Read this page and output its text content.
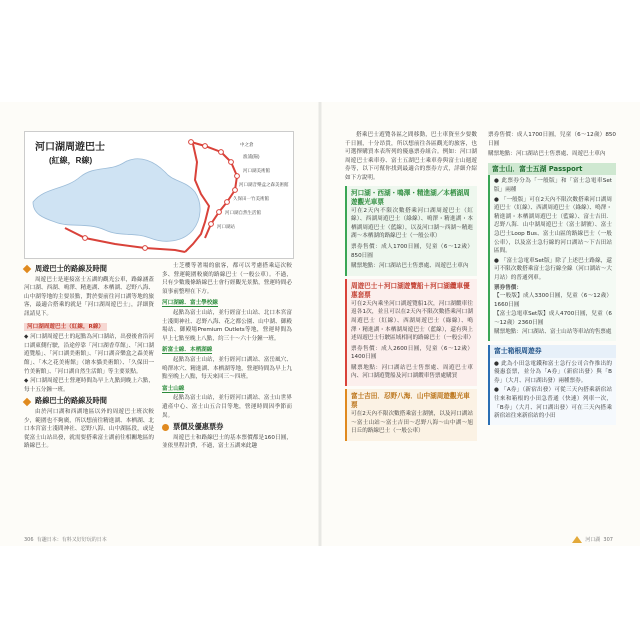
河口湖周遊巴士
(紅線，R線)
中之倉
漁浦(陽)
河口湖美術館
河口湖音樂盒之森美術館
久保田一竹美術館
河口湖自然生活館
河口湖站
周遊巴士的路線及時間

周遊巴士是連接富士五湖的觀光公車，路線涵蓋河口湖、西湖、鳴澤、精進湖、本栖湖、忍野八海、山中湖等地的主要景點，對於要前往河口湖等地的旅客，最適合搭乘的就是「河口湖周遊巴士」，詳細資訊請見下。

河口湖周遊巴士（紅線，R線）
◆ 河口湖周遊巴士的起點為河口湖站，出發後會沿河口湖東側行駛，沿途停靠「河口湖香草館」、「河口湖遊覽船」、「河口湖美術館」、「河口湖音樂盒之森美術館」、「木之花美術館」（繪本貓美術館）、「久保田一竹美術館」、「河口湖自然生活館」等主要景點。
◆ 河口湖周遊巴士營運時間為早上九點到晚上六點，每十五分鐘一班。
路線巴士的路線及時間

由於河口湖和西湖地區以外的周遊巴士班次較少，範圍也不夠廣，所以想前往精進湖、本栖湖、北口本宮富士淺間神社、忍野八海、山中湖區段，或是從富士山站出發，就需要搭乘富士湖前往相關地區的路線巴士。

士芝櫻等著場的旅客，都可以考慮搭乘這次較多、營運範圍較廣的路線巴士（一般公車）。不過，只有少數幾條路線巴士會行經觀光景點，營運時間必須事前整理在下方。

河口湖線．富士學校線

起點為富士山站，並行經富士山站、北口本宮富士淺間神社、忍野八海、花之都公園、山中湖、御殿場站、御殿場Premium Outlets等地，營運時間為早上七點至晚上八點，約三十～六十分鐘一班。

新富士線．本栖湖線

起點為富士山站，並行經河口湖站、富岳風穴、鳴澤冰穴、精進湖、本栖湖等地，營運時間為早上九點至晚上八點，每天來回三～四班。

富士山線

起點為富士山站，並行經河口湖站、富士山世界遺產中心、富士山五合目等地，營運時間因季節而異。

票價及優惠票券

周遊巴士和路線巴士的基本票價都是160日圓，並依里程計費，不過，富士五湖來此趣

搭乘巴士遊覽各區之間移動，巴士車資至少要數千日圓，十分昂貴，所以想前往各區觀光的旅客，也可選擇購買本表所列的優惠票券組合。例如：河口湖周遊巴士乘車券、富士五湖巴士乘車券與富士山週遊券等，以下可幫你找到最適合的票券方式，詳細介紹如下方說明。

河口湖・西湖・鳴澤・精進湖／本栖湖周遊觀光車票
可在2天內不限次數搭乘河口湖周遊巴士（紅線）、西湖周遊巴士（綠線）、鳴澤・精進湖・本栖湖周遊巴士（藍線），以及河口湖～西湖～精進湖～本栖湖的路線巴士（一般公車）
票券售價：成人1700日圓，兒童（6～12歲）850日圓
購票地點：河口湖站巴士售票處、周遊巴士車內
周遊巴士＋河口湖遊覽船＋河口湖纜車優惠套票
可在2天內乘坐河口湖遊覽船1次，河口湖纜車往返各1次，並且可以在2天內不限次數搭乘河口湖周遊巴士（紅線）、西湖周遊巴士（綠線）、鳴澤・精進湖・本栖湖周遊巴士（藍線），還有與上述周遊巴士行駛區域相同的路線巴士（一般公車）
票券售價：成人2600日圓，兒童（6～12歲）1400日圓
購票地點：河口湖站巴士售票處、周遊巴士車內、河口湖遊覽船及河口湖纜車售票處購買
富士吉田．忍野八海．山中湖周遊觀光車票
可在2天內不限次數搭乘富士湖號，以及河口湖站～富士山站～富士吉田～忍野八海～山中湖～旭日丘的路線巴士（一般公車）
票券售價：成人1700日圓，兒童（6～12歲）850日圓
購票地點：河口湖站巴士售票處、周遊巴士車內
富士山．富士五湖 Passport
● 此票券分為「一般版」和「富士急電車Set版」兩種
● 「一般版」可在2天內不限次數搭乘河口湖周遊巴士（紅線）、西湖周遊巴士（綠線）、鳴澤・精進湖・本栖湖周遊巴士（藍線）、富士吉田．忍野八海．山中湖周遊巴士（富士湖號）、富士急巴士Loop Bus、富士山區的路線巴士（一般公車），以及富士急行線的河口湖站～下吉田站區間。
● 「富士急電車Set版」除了上述巴士路線，還可不限次數搭乘富士急行線全線（河口湖站～大月站）的普通列車。
票券售價：
【一般版】成人3300日圓，兒童（6～12歲）1660日圓
【富士急電車Set版】成人4700日圓，兒童（6～12歲）2360日圓
購票地點：河口湖站、富士山站等車站的售票處
富士箱根周遊券
● 此為小田急電鐵和富士急行公司合作推出的優惠套票，並分為「A券」（新宿出發）與「B券」（大月、河口湖出發）兩種票券。
● 「A券」（新宿出發）可從三天內搭乘新宿站往來和箱根的小田急普通（快速）列車一次，「B券」（大月、河口湖出發）可在三天內搭乘新宿站往來新宿站的小田
306 有趣日本：有料又好好玩的日本	河口湖 307
